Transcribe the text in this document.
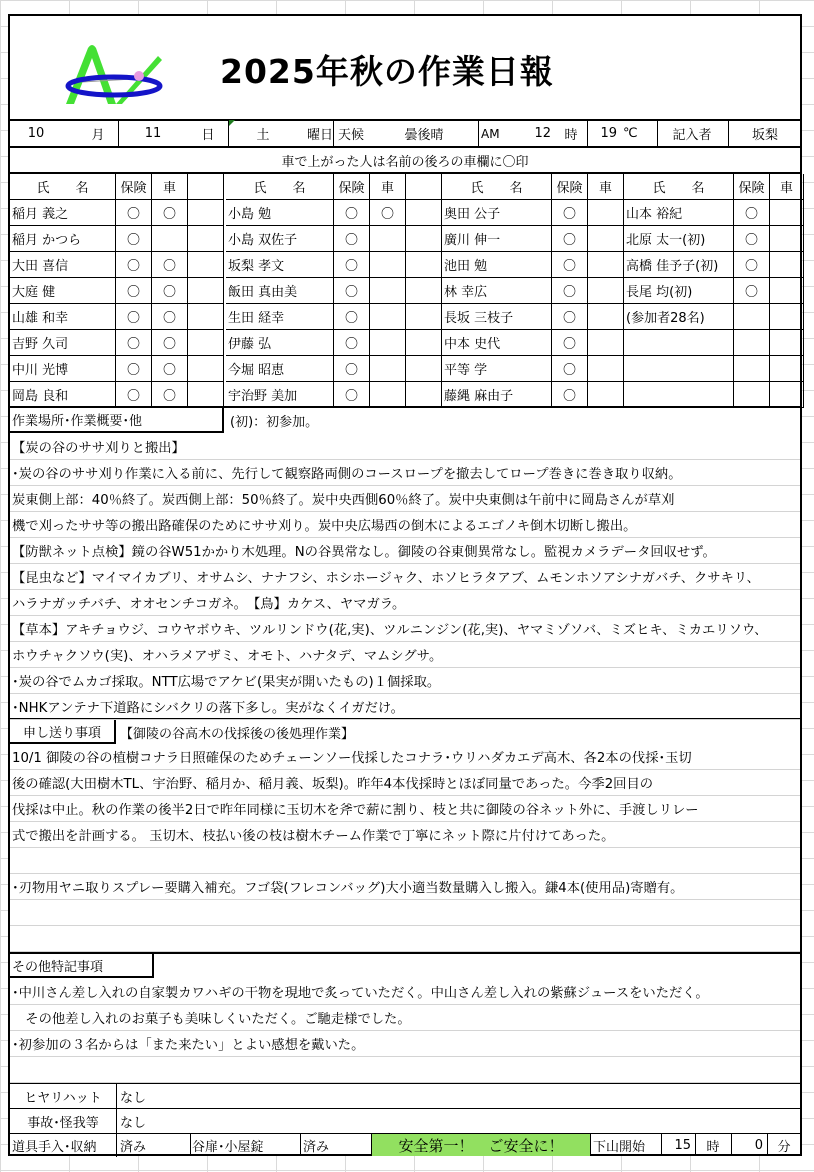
2025年秋の作業日報
10	月	11	日	土	曜日 天候	曇後晴	AM	12	時	19 ℃	記入者	坂梨
車で上がった人は名前の後ろの車欄に〇印
作業場所･作業概要･他	(初)：初参加。
申し送り事項	【御陵の谷高木の伐採後の後処理作業】
その他特記事項
ヒヤリハット	なし
事故･怪我等	なし
道具手入･収納	済み	谷扉･小屋錠	済み	安全第一！　ご安全に！	下山開始	15	時	0	分
氏　　名	保険	車
稲月 義之	〇	〇
稲月 かつら	〇
大田 喜信	〇	〇
大庭 健	〇	〇
山雄 和幸	〇	〇
吉野 久司	〇	〇
中川 光博	〇	〇
岡島 良和	〇	〇
氏　　名	保険	車
小島 勉	〇	〇
小島 双佐子	〇
坂梨 孝文	〇
飯田 真由美	〇
生田 経幸	〇
伊藤 弘	〇
今堀 昭恵	〇
宇治野 美加	〇
氏　　名	保険	車
奥田 公子	〇
廣川 伸一	〇
池田 勉	〇
林 幸広	〇
長坂 三枝子	〇
中本 史代	〇
平等 学	〇
藤縄 麻由子	〇
氏　　名	保険	車
山本 裕紀	〇
北原 太一(初)	〇
高橋 佳予子(初)	〇
長尾 均(初)	〇
(参加者28名)
【炭の谷のササ刈りと搬出】
･炭の谷のササ刈り作業に入る前に、先行して観察路両側のコースロープを撤去してロープ巻きに巻き取り収納。
炭東側上部：40％終了。炭西側上部：50％終了。炭中央西側60％終了。炭中央東側は午前中に岡島さんが草刈
機で刈ったササ等の搬出路確保のためにササ刈り。炭中央広場西の倒木によるエゴノキ倒木切断し搬出。
【防獣ネット点検】鏡の谷W51かかり木処理。Nの谷異常なし。御陵の谷東側異常なし。監視カメラデータ回収せず。
【昆虫など】マイマイカブリ、オサムシ、ナナフシ、ホシホージャク、ホソヒラタアブ、ムモンホソアシナガバチ、クサキリ、
ハラナガッチバチ、オオセンチコガネ。　【鳥】カケス、ヤマガラ。
【草本】アキチョウジ、コウヤボウキ、ツルリンドウ(花,実)、ツルニンジン(花,実)、ヤマミゾソバ、ミズヒキ、ミカエリソウ、
ホウチャクソウ(実)、オハラメアザミ、オモト、ハナタデ、マムシグサ。
･炭の谷でムカゴ採取。NTT広場でアケビ(果実が開いたもの)１個採取。
･NHKアンテナ下道路にシバクリの落下多し。実がなくイガだけ。
10/1 御陵の谷の植樹コナラ日照確保のためチェーンソー伐採したコナラ･ウリハダカエデ高木、各2本の伐採･玉切
後の確認(大田樹木TL、宇治野、稲月か、稲月義、坂梨)。昨年4本伐採時とほぼ同量であった。今季2回目の
伐採は中止。秋の作業の後半2日で昨年同様に玉切木を斧で薪に割り、枝と共に御陵の谷ネット外に、手渡しリレー
式で搬出を計画する。 玉切木、枝払い後の枝は樹木チーム作業で丁寧にネット際に片付けてあった。
･刃物用ヤニ取りスプレー要購入補充。フゴ袋(フレコンバッグ)大小適当数量購入し搬入。鎌4本(使用品)寄贈有。
･中川さん差し入れの自家製カワハギの干物を現地で炙っていただく。中山さん差し入れの紫蘇ジュースをいただく。
　その他差し入れのお菓子も美味しくいただく。ご馳走様でした。
･初参加の３名からは「また来たい」とよい感想を戴いた。
